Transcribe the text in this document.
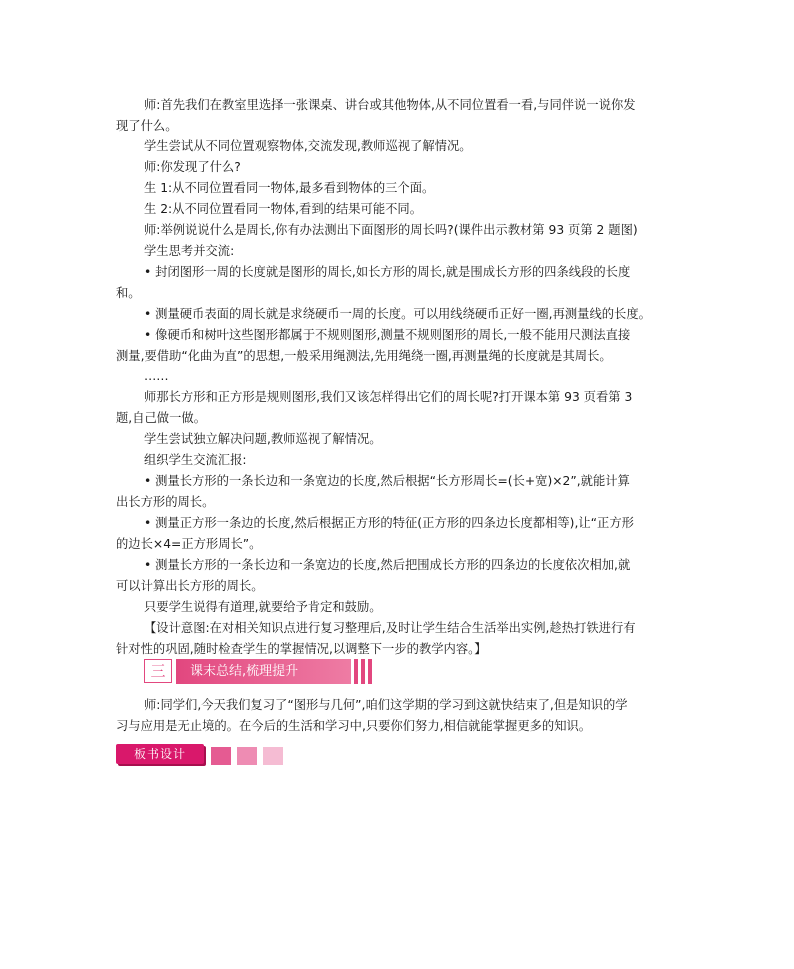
师:首先我们在教室里选择一张课桌、讲台或其他物体,从不同位置看一看,与同伴说一说你发
现了什么。
学生尝试从不同位置观察物体,交流发现,教师巡视了解情况。
师:你发现了什么?
生 1:从不同位置看同一物体,最多看到物体的三个面。
生 2:从不同位置看同一物体,看到的结果可能不同。
师:举例说说什么是周长,你有办法测出下面图形的周长吗?(课件出示教材第 93 页第 2 题图)
学生思考并交流:
• 封闭图形一周的长度就是图形的周长,如长方形的周长,就是围成长方形的四条线段的长度
和。
• 测量硬币表面的周长就是求绕硬币一周的长度。可以用线绕硬币正好一圈,再测量线的长度。
• 像硬币和树叶这些图形都属于不规则图形,测量不规则图形的周长,一般不能用尺测法直接
测量,要借助“化曲为直”的思想,一般采用绳测法,先用绳绕一圈,再测量绳的长度就是其周长。
……
师那长方形和正方形是规则图形,我们又该怎样得出它们的周长呢?打开课本第 93 页看第 3
题,自己做一做。
学生尝试独立解决问题,教师巡视了解情况。
组织学生交流汇报:
• 测量长方形的一条长边和一条宽边的长度,然后根据“长方形周长=(长+宽)×2”,就能计算
出长方形的周长。
• 测量正方形一条边的长度,然后根据正方形的特征(正方形的四条边长度都相等),让“正方形
的边长×4=正方形周长”。
• 测量长方形的一条长边和一条宽边的长度,然后把围成长方形的四条边的长度依次相加,就
可以计算出长方形的周长。
只要学生说得有道理,就要给予肯定和鼓励。
【设计意图:在对相关知识点进行复习整理后,及时让学生结合生活举出实例,趁热打铁进行有
针对性的巩固,随时检查学生的掌握情况,以调整下一步的教学内容。】
三	课末总结,梳理提升
师:同学们,今天我们复习了“图形与几何”,咱们这学期的学习到这就快结束了,但是知识的学
习与应用是无止境的。在今后的生活和学习中,只要你们努力,相信就能掌握更多的知识。
板书设计
